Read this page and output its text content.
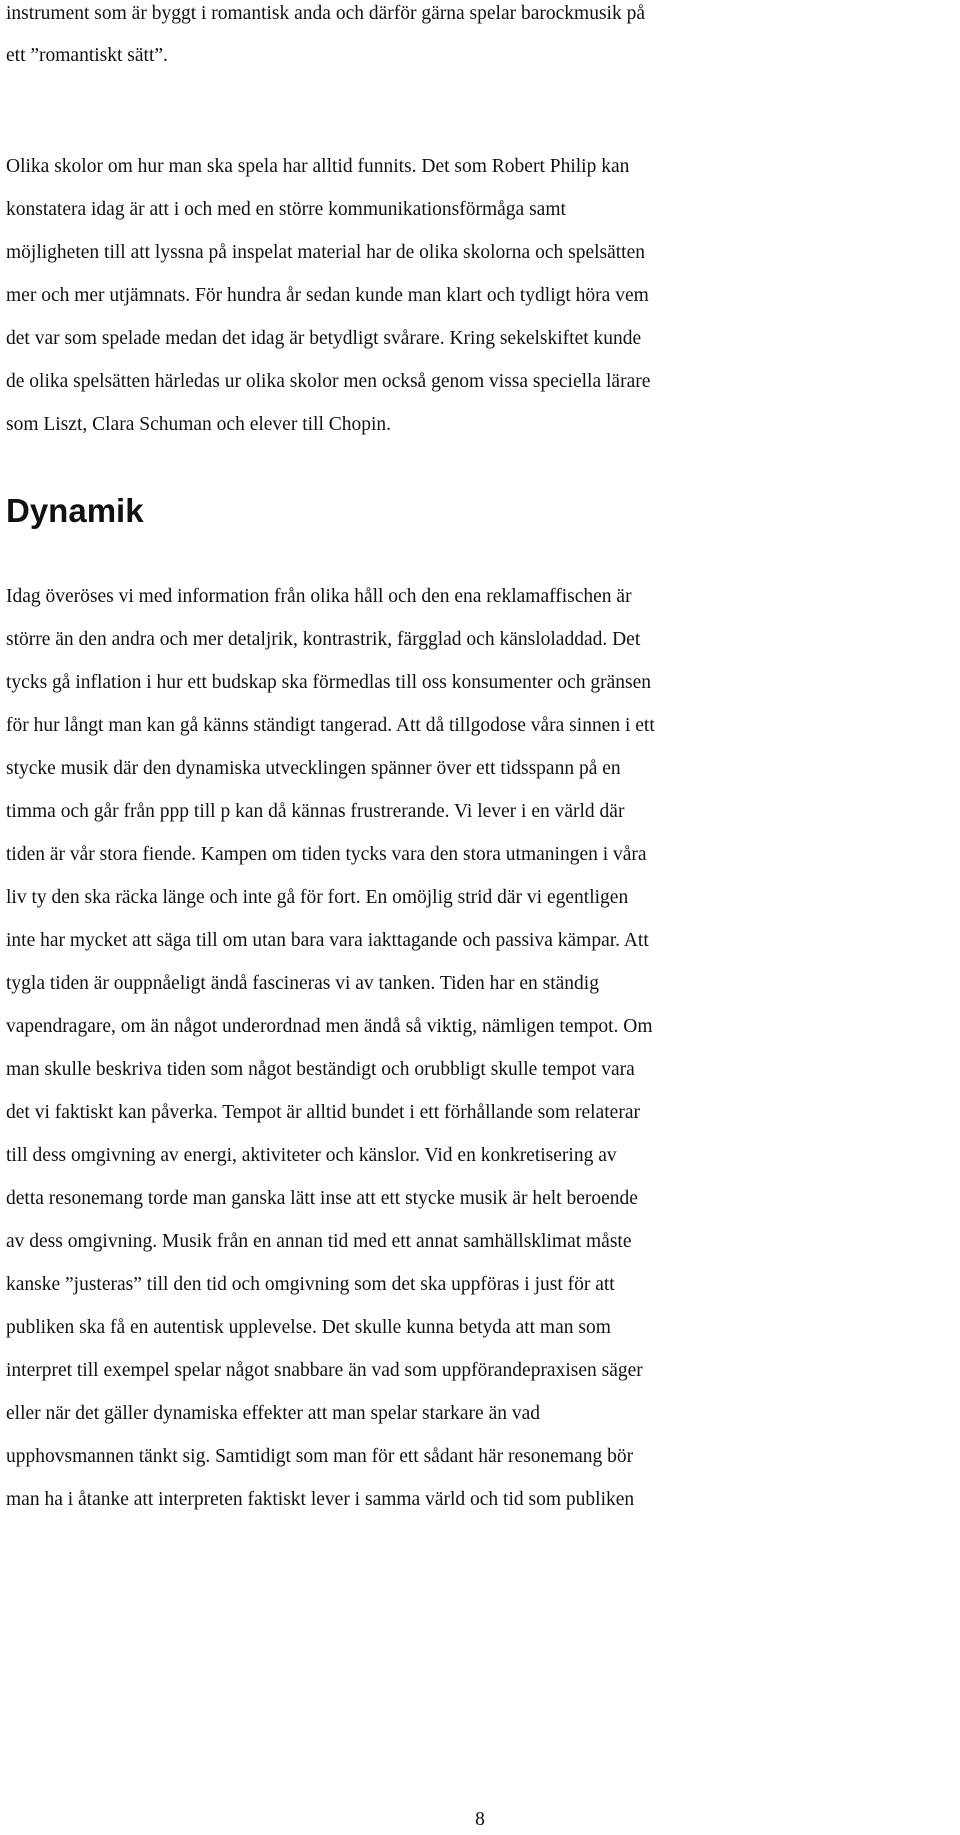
instrument som är byggt i romantisk anda och därför gärna spelar barockmusik på

ett ”romantiskt sätt”.

Olika skolor om hur man ska spela har alltid funnits. Det som Robert Philip kan

konstatera idag är att i och med en större kommunikationsförmåga samt

möjligheten till att lyssna på inspelat material har de olika skolorna och spelsätten

mer och mer utjämnats. För hundra år sedan kunde man klart och tydligt höra vem

det var som spelade medan det idag är betydligt svårare. Kring sekelskiftet kunde

de olika spelsätten härledas ur olika skolor men också genom vissa speciella lärare

som Liszt, Clara Schuman och elever till Chopin.

Dynamik

Idag överöses vi med information från olika håll och den ena reklamaffischen är

större än den andra och mer detaljrik, kontrastrik, färgglad och känsloladdad. Det

tycks gå inflation i hur ett budskap ska förmedlas till oss konsumenter och gränsen

för hur långt man kan gå känns ständigt tangerad. Att då tillgodose våra sinnen i ett

stycke musik där den dynamiska utvecklingen spänner över ett tidsspann på en

timma och går från ppp till p kan då kännas frustrerande. Vi lever i en värld där

tiden är vår stora fiende. Kampen om tiden tycks vara den stora utmaningen i våra

liv ty den ska räcka länge och inte gå för fort. En omöjlig strid där vi egentligen

inte har mycket att säga till om utan bara vara iakttagande och passiva kämpar. Att

tygla tiden är ouppnåeligt ändå fascineras vi av tanken. Tiden har en ständig

vapendragare, om än något underordnad men ändå så viktig, nämligen tempot. Om

man skulle beskriva tiden som något beständigt och orubbligt skulle tempot vara

det vi faktiskt kan påverka. Tempot är alltid bundet i ett förhållande som relaterar

till dess omgivning av energi, aktiviteter och känslor. Vid en konkretisering av

detta resonemang torde man ganska lätt inse att ett stycke musik är helt beroende

av dess omgivning. Musik från en annan tid med ett annat samhällsklimat måste

kanske ”justeras” till den tid och omgivning som det ska uppföras i just för att

publiken ska få en autentisk upplevelse. Det skulle kunna betyda att man som

interpret till exempel spelar något snabbare än vad som uppförandepraxisen säger

eller när det gäller dynamiska effekter att man spelar starkare än vad

upphovsmannen tänkt sig. Samtidigt som man för ett sådant här resonemang bör

man ha i åtanke att interpreten faktiskt lever i samma värld och tid som publiken

8
